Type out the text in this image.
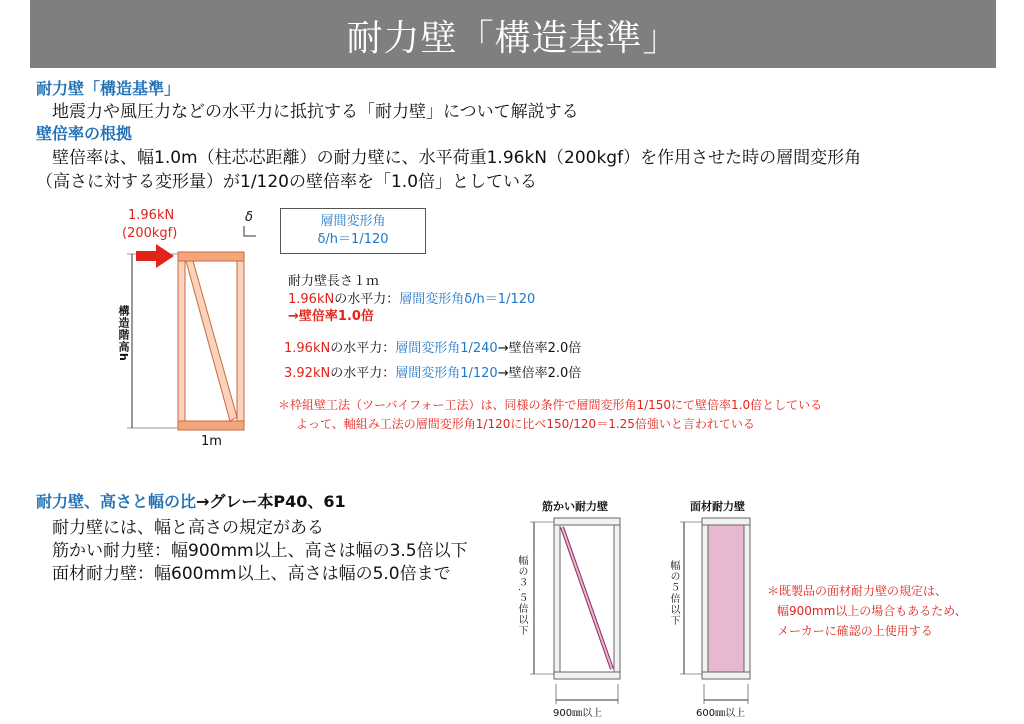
耐力壁「構造基準」
耐力壁「構造基準」
地震力や風圧力などの水平力に抵抗する「耐力壁」について解説する
壁倍率の根拠
壁倍率は、幅1.0m（柱芯芯距離）の耐力壁に、水平荷重1.96kN（200kgf）を作用させた時の層間変形角
（高さに対する変形量）が1/120の壁倍率を「1.0倍」としている
1.96kN
(200kgf)
δ
構造階高h
1m
層間変形角
δ/h＝1/120
耐力壁長さ１ｍ
1.96kNの水平力：層間変形角δ/h＝1/120
→壁倍率1.0倍
1.96kNの水平力：層間変形角1/240→壁倍率2.0倍
3.92kNの水平力：層間変形角1/120→壁倍率2.0倍
＊枠組壁工法（ツーバイフォー工法）は、同様の条件で層間変形角1/150にて壁倍率1.0倍としている
よって、軸組み工法の層間変形角1/120に比べ150/120＝1.25倍強いと言われている
耐力壁、高さと幅の比→グレー本P40、61
耐力壁には、幅と高さの規定がある
筋かい耐力壁：幅900mm以上、高さは幅の3.5倍以下
面材耐力壁：幅600mm以上、高さは幅の5.0倍まで
筋かい耐力壁
幅の３.５倍以下
900㎜以上
面材耐力壁
幅の５倍以下
600㎜以上
＊既製品の面材耐力壁の規定は、
幅900mm以上の場合もあるため、
メーカーに確認の上使用する
